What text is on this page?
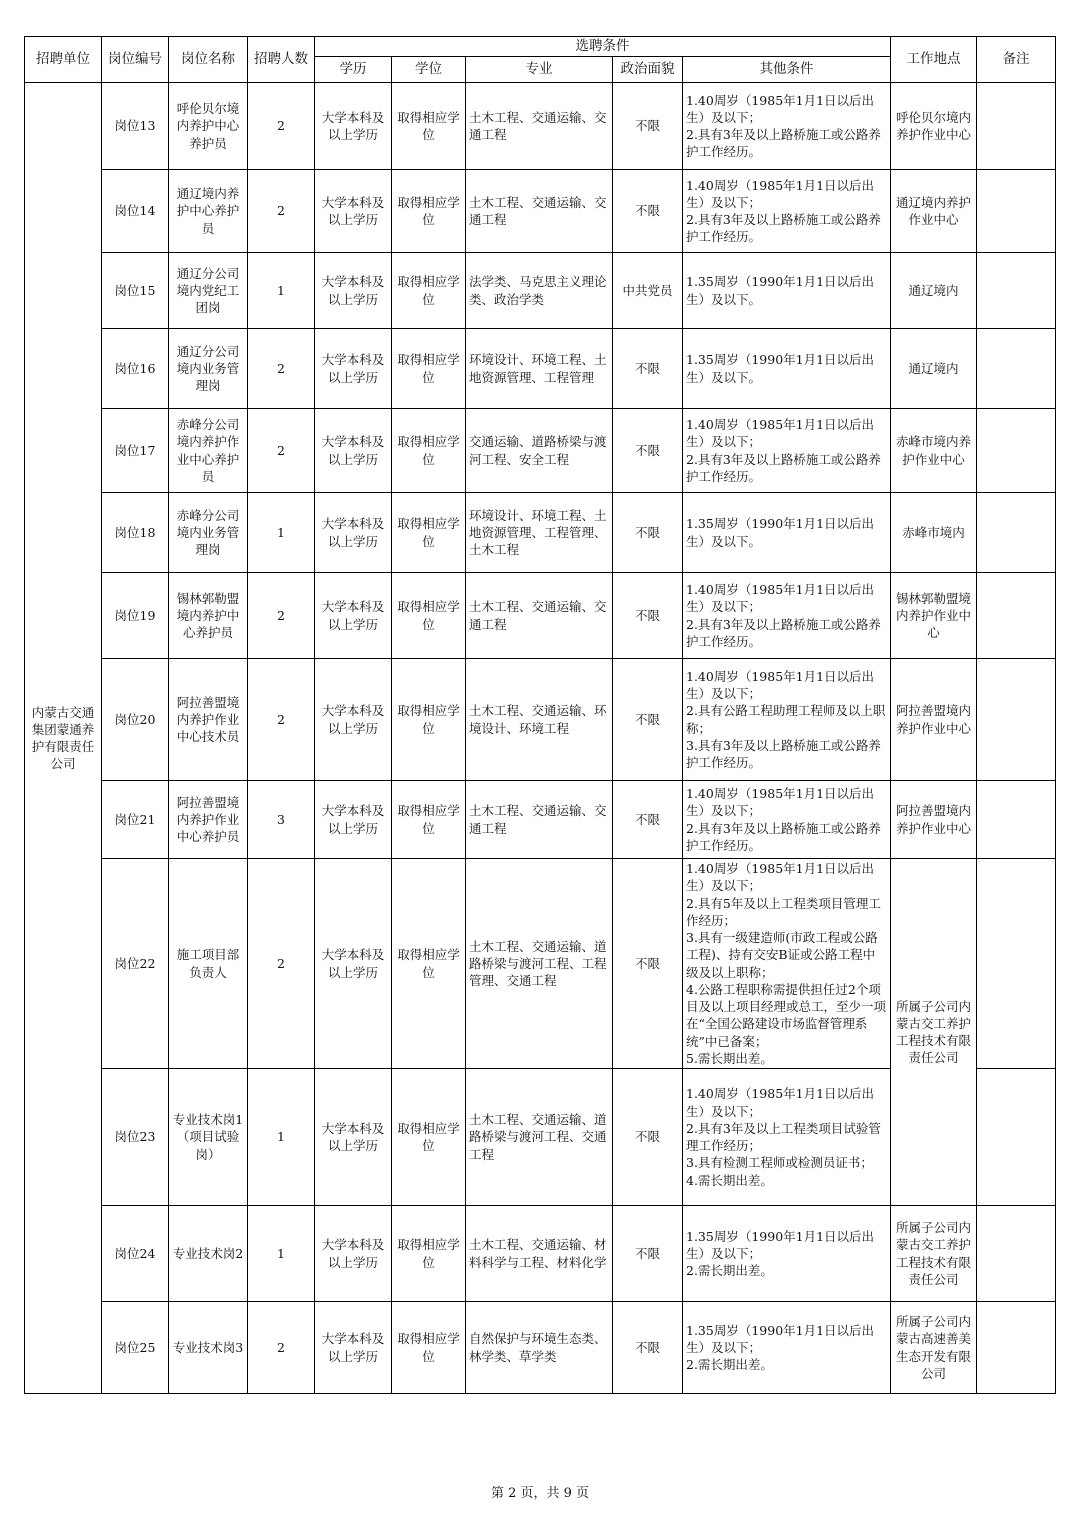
招聘单位	岗位编号	岗位名称	招聘人数	选聘条件					工作地点	备注
				学历	学位	专业	政治面貌	其他条件		
内蒙古交通集团蒙通养护有限责任公司	岗位13	呼伦贝尔境内养护中心养护员	2	大学本科及以上学历	取得相应学位	土木工程、交通运输、交通工程	不限	1.40周岁（1985年1月1日以后出生）及以下；
2.具有3年及以上路桥施工或公路养护工作经历。	呼伦贝尔境内养护作业中心	
	岗位14	通辽境内养护中心养护员	2	大学本科及以上学历	取得相应学位	土木工程、交通运输、交通工程	不限	1.40周岁（1985年1月1日以后出生）及以下；
2.具有3年及以上路桥施工或公路养护工作经历。	通辽境内养护作业中心	
	岗位15	通辽分公司境内党纪工团岗	1	大学本科及以上学历	取得相应学位	法学类、马克思主义理论类、政治学类	中共党员	1.35周岁（1990年1月1日以后出生）及以下。	通辽境内	
	岗位16	通辽分公司境内业务管理岗	2	大学本科及以上学历	取得相应学位	环境设计、环境工程、土地资源管理、工程管理	不限	1.35周岁（1990年1月1日以后出生）及以下。	通辽境内	
	岗位17	赤峰分公司境内养护作业中心养护员	2	大学本科及以上学历	取得相应学位	交通运输、道路桥梁与渡河工程、安全工程	不限	1.40周岁（1985年1月1日以后出生）及以下；
2.具有3年及以上路桥施工或公路养护工作经历。	赤峰市境内养护作业中心	
	岗位18	赤峰分公司境内业务管理岗	1	大学本科及以上学历	取得相应学位	环境设计、环境工程、土地资源管理、工程管理、土木工程	不限	1.35周岁（1990年1月1日以后出生）及以下。	赤峰市境内	
	岗位19	锡林郭勒盟境内养护中心养护员	2	大学本科及以上学历	取得相应学位	土木工程、交通运输、交通工程	不限	1.40周岁（1985年1月1日以后出生）及以下；
2.具有3年及以上路桥施工或公路养护工作经历。	锡林郭勒盟境内养护作业中心	
	岗位20	阿拉善盟境内养护作业中心技术员	2	大学本科及以上学历	取得相应学位	土木工程、交通运输、环境设计、环境工程	不限	1.40周岁（1985年1月1日以后出生）及以下；
2.具有公路工程助理工程师及以上职称；
3.具有3年及以上路桥施工或公路养护工作经历。	阿拉善盟境内养护作业中心	
	岗位21	阿拉善盟境内养护作业中心养护员	3	大学本科及以上学历	取得相应学位	土木工程、交通运输、交通工程	不限	1.40周岁（1985年1月1日以后出生）及以下；
2.具有3年及以上路桥施工或公路养护工作经历。	阿拉善盟境内养护作业中心	
	岗位22	施工项目部负责人	2	大学本科及以上学历	取得相应学位	土木工程、交通运输、道路桥梁与渡河工程、工程管理、交通工程	不限	1.40周岁（1985年1月1日以后出生）及以下；
2.具有5年及以上工程类项目管理工作经历；
3.具有一级建造师(市政工程或公路工程)、持有交安B证或公路工程中级及以上职称；
4.公路工程职称需提供担任过2个项目及以上项目经理或总工，至少一项在“全国公路建设市场监督管理系统”中已备案；
5.需长期出差。	所属子公司内蒙古交工养护工程技术有限责任公司	
	岗位23	专业技术岗1（项目试验岗）	1	大学本科及以上学历	取得相应学位	土木工程、交通运输、道路桥梁与渡河工程、交通工程	不限	1.40周岁（1985年1月1日以后出生）及以下；
2.具有3年及以上工程类项目试验管理工作经历；
3.具有检测工程师或检测员证书；
4.需长期出差。		
	岗位24	专业技术岗2	1	大学本科及以上学历	取得相应学位	土木工程、交通运输、材料科学与工程、材料化学	不限	1.35周岁（1990年1月1日以后出生）及以下；
2.需长期出差。	所属子公司内蒙古交工养护工程技术有限责任公司	
	岗位25	专业技术岗3	2	大学本科及以上学历	取得相应学位	自然保护与环境生态类、林学类、草学类	不限	1.35周岁（1990年1月1日以后出生）及以下；
2.需长期出差。	所属子公司内蒙古高速善美生态开发有限公司	
第 2 页，共 9 页
